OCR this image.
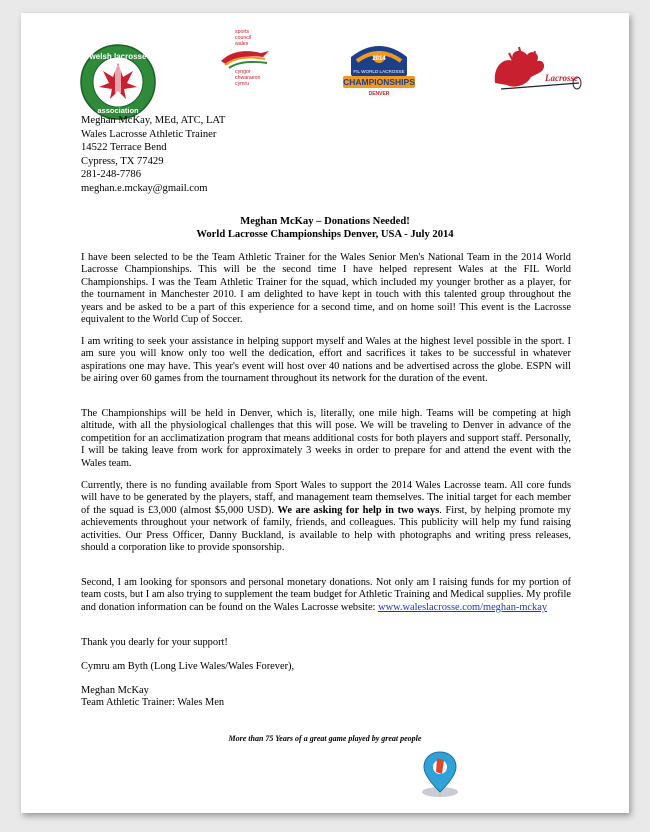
welsh lacrosse
association
sports
council
wales
cyngor
chwaraeon
cymru
2014
FIL WORLD LACROSSE
CHAMPIONSHIPS
DENVER
Lacrosse
Meghan McKay, MEd, ATC, LAT
Wales Lacrosse Athletic Trainer
14522 Terrace Bend
Cypress, TX 77429
281-248-7786
meghan.e.mckay@gmail.com
Meghan McKay – Donations Needed!
World Lacrosse Championships Denver, USA - July 2014

I have been selected to be the Team Athletic Trainer for the Wales Senior Men's National Team in the 2014 World Lacrosse Championships. This will be the second time I have helped represent Wales at the FIL World Championships. I was the Team Athletic Trainer for the squad, which included my younger brother as a player, for the tournament in Manchester 2010. I am delighted to have kept in touch with this talented group throughout the years and be asked to be a part of this experience for a second time, and on home soil! This event is the Lacrosse equivalent to the World Cup of Soccer.

I am writing to seek your assistance in helping support myself and Wales at the highest level possible in the sport. I am sure you will know only too well the dedication, effort and sacrifices it takes to be successful in whatever aspirations one may have. This year's event will host over 40 nations and be advertised across the globe. ESPN will be airing over 60 games from the tournament throughout its network for the duration of the event.

The Championships will be held in Denver, which is, literally, one mile high. Teams will be competing at high altitude, with all the physiological challenges that this will pose. We will be traveling to Denver in advance of the competition for an acclimatization program that means additional costs for both players and support staff. Personally, I will be taking leave from work for approximately 3 weeks in order to prepare for and attend the event with the Wales team.

Currently, there is no funding available from Sport Wales to support the 2014 Wales Lacrosse team. All core funds will have to be generated by the players, staff, and management team themselves. The initial target for each member of the squad is £3,000 (almost $5,000 USD). We are asking for help in two ways. First, by helping promote my achievements throughout your network of family, friends, and colleagues. This publicity will help my fund raising activities. Our Press Officer, Danny Buckland, is available to help with photographs and writing press releases, should a corporation like to provide sponsorship.

Second, I am looking for sponsors and personal monetary donations. Not only am I raising funds for my portion of team costs, but I am also trying to supplement the team budget for Athletic Training and Medical supplies. My profile and donation information can be found on the Wales Lacrosse website: www.waleslacrosse.com/meghan-mckay

Thank you dearly for your support!
Cymru am Byth (Long Live Wales/Wales Forever),
Meghan McKay
Team Athletic Trainer: Wales Men
More than 75 Years of a great game played by great people
